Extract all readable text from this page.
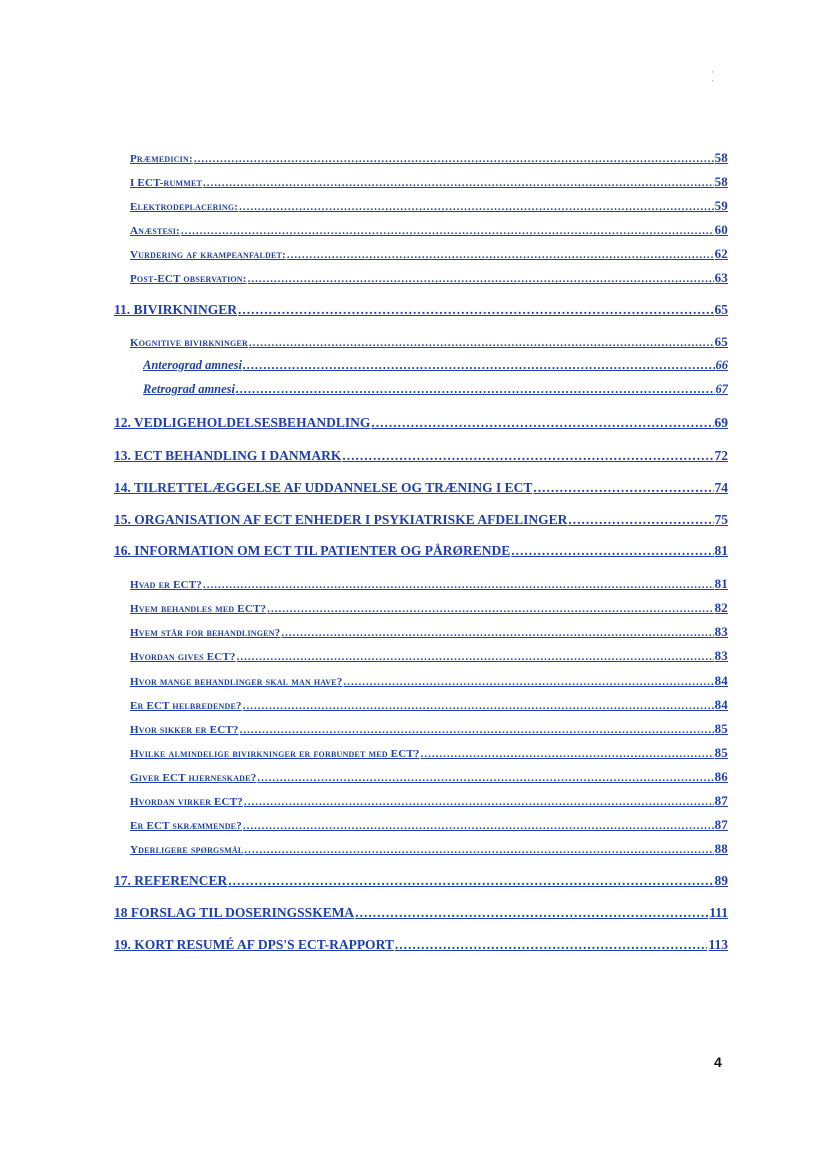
' '
Præmedicin: .....	58
I ECT-rummet .....	58
Elektrodeplacering: .....	59
Anæstesi: .....	60
Vurdering af krampeanfaldet: .....	62
Post-ECT observation: .....	63
11. BIVIRKNINGER .....	65
Kognitive bivirkninger .....	65
Anterograd amnesi .....	66
Retrograd amnesi .....	67
12. VEDLIGEHOLDELSESBEHANDLING .....	69
13. ECT BEHANDLING I DANMARK .....	72
14. TILRETTELÆGGELSE AF UDDANNELSE OG TRÆNING I ECT .....	74
15. ORGANISATION AF ECT ENHEDER I PSYKIATRISKE AFDELINGER .....	75
16. INFORMATION OM ECT TIL PATIENTER OG PÅRØRENDE .....	81
Hvad er ECT? .....	81
Hvem behandles med ECT? .....	82
Hvem står for behandlingen? .....	83
Hvordan gives ECT? .....	83
Hvor mange behandlinger skal man have? .....	84
Er ECT helbredende? .....	84
Hvor sikker er ECT? .....	85
Hvilke almindelige bivirkninger er forbundet med ECT? .....	85
Giver ECT hjerneskade? .....	86
Hvordan virker ECT? .....	87
Er ECT skræmmende? .....	87
Yderligere spørgsmål .....	88
17. REFERENCER .....	89
18 FORSLAG TIL DOSERINGSSKEMA .....	111
19. KORT RESUMÉ AF DPS'S ECT-RAPPORT .....	113
4
